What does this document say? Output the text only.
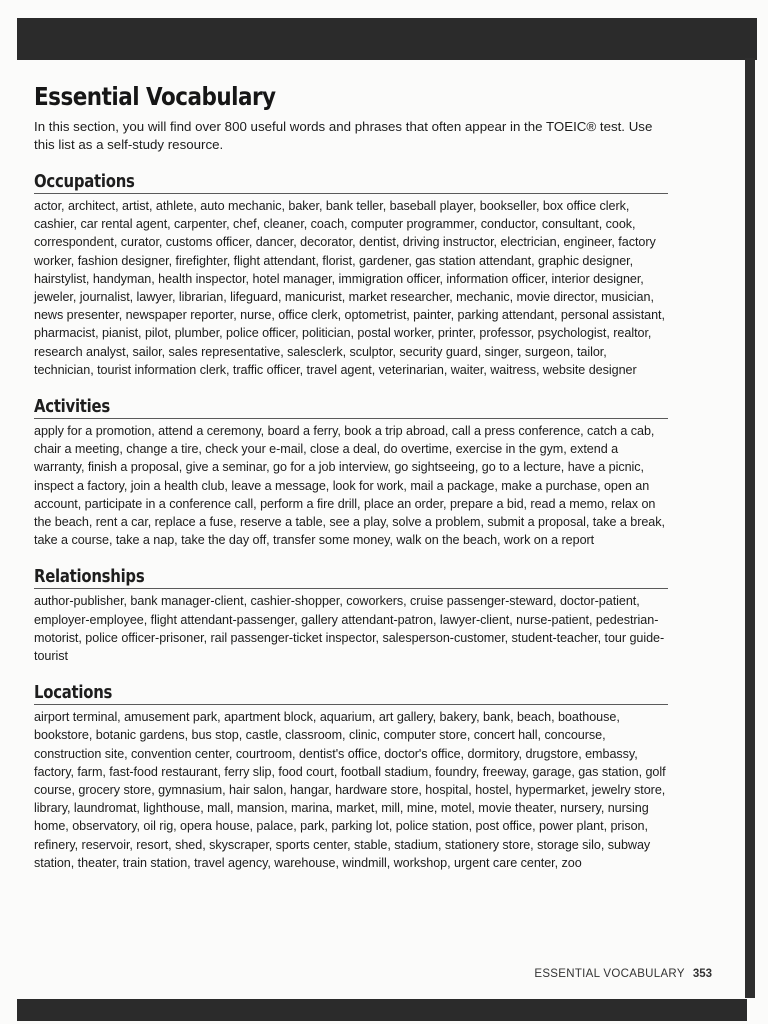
Essential Vocabulary

In this section, you will find over 800 useful words and phrases that often appear in the TOEIC® test. Use this list as a self-study resource.

Occupations

actor, architect, artist, athlete, auto mechanic, baker, bank teller, baseball player, bookseller, box office clerk, cashier, car rental agent, carpenter, chef, cleaner, coach, computer programmer, conductor, consultant, cook, correspondent, curator, customs officer, dancer, decorator, dentist, driving instructor, electrician, engineer, factory worker, fashion designer, firefighter, flight attendant, florist, gardener, gas station attendant, graphic designer, hairstylist, handyman, health inspector, hotel manager, immigration officer, information officer, interior designer, jeweler, journalist, lawyer, librarian, lifeguard, manicurist, market researcher, mechanic, movie director, musician, news presenter, newspaper reporter, nurse, office clerk, optometrist, painter, parking attendant, personal assistant, pharmacist, pianist, pilot, plumber, police officer, politician, postal worker, printer, professor, psychologist, realtor, research analyst, sailor, sales representative, salesclerk, sculptor, security guard, singer, surgeon, tailor, technician, tourist information clerk, traffic officer, travel agent, veterinarian, waiter, waitress, website designer

Activities

apply for a promotion, attend a ceremony, board a ferry, book a trip abroad, call a press conference, catch a cab, chair a meeting, change a tire, check your e-mail, close a deal, do overtime, exercise in the gym, extend a warranty, finish a proposal, give a seminar, go for a job interview, go sightseeing, go to a lecture, have a picnic, inspect a factory, join a health club, leave a message, look for work, mail a package, make a purchase, open an account, participate in a conference call, perform a fire drill, place an order, prepare a bid, read a memo, relax on the beach, rent a car, replace a fuse, reserve a table, see a play, solve a problem, submit a proposal, take a break, take a course, take a nap, take the day off, transfer some money, walk on the beach, work on a report

Relationships

author-publisher, bank manager-client, cashier-shopper, coworkers, cruise passenger-steward, doctor-patient, employer-employee, flight attendant-passenger, gallery attendant-patron, lawyer-client, nurse-patient, pedestrian-motorist, police officer-prisoner, rail passenger-ticket inspector, salesperson-customer, student-teacher, tour guide-tourist

Locations

airport terminal, amusement park, apartment block, aquarium, art gallery, bakery, bank, beach, boathouse, bookstore, botanic gardens, bus stop, castle, classroom, clinic, computer store, concert hall, concourse, construction site, convention center, courtroom, dentist's office, doctor's office, dormitory, drugstore, embassy, factory, farm, fast-food restaurant, ferry slip, food court, football stadium, foundry, freeway, garage, gas station, golf course, grocery store, gymnasium, hair salon, hangar, hardware store, hospital, hostel, hypermarket, jewelry store, library, laundromat, lighthouse, mall, mansion, marina, market, mill, mine, motel, movie theater, nursery, nursing home, observatory, oil rig, opera house, palace, park, parking lot, police station, post office, power plant, prison, refinery, reservoir, resort, shed, skyscraper, sports center, stable, stadium, stationery store, storage silo, subway station, theater, train station, travel agency, warehouse, windmill, workshop, urgent care center, zoo

ESSENTIAL VOCABULARY 353
